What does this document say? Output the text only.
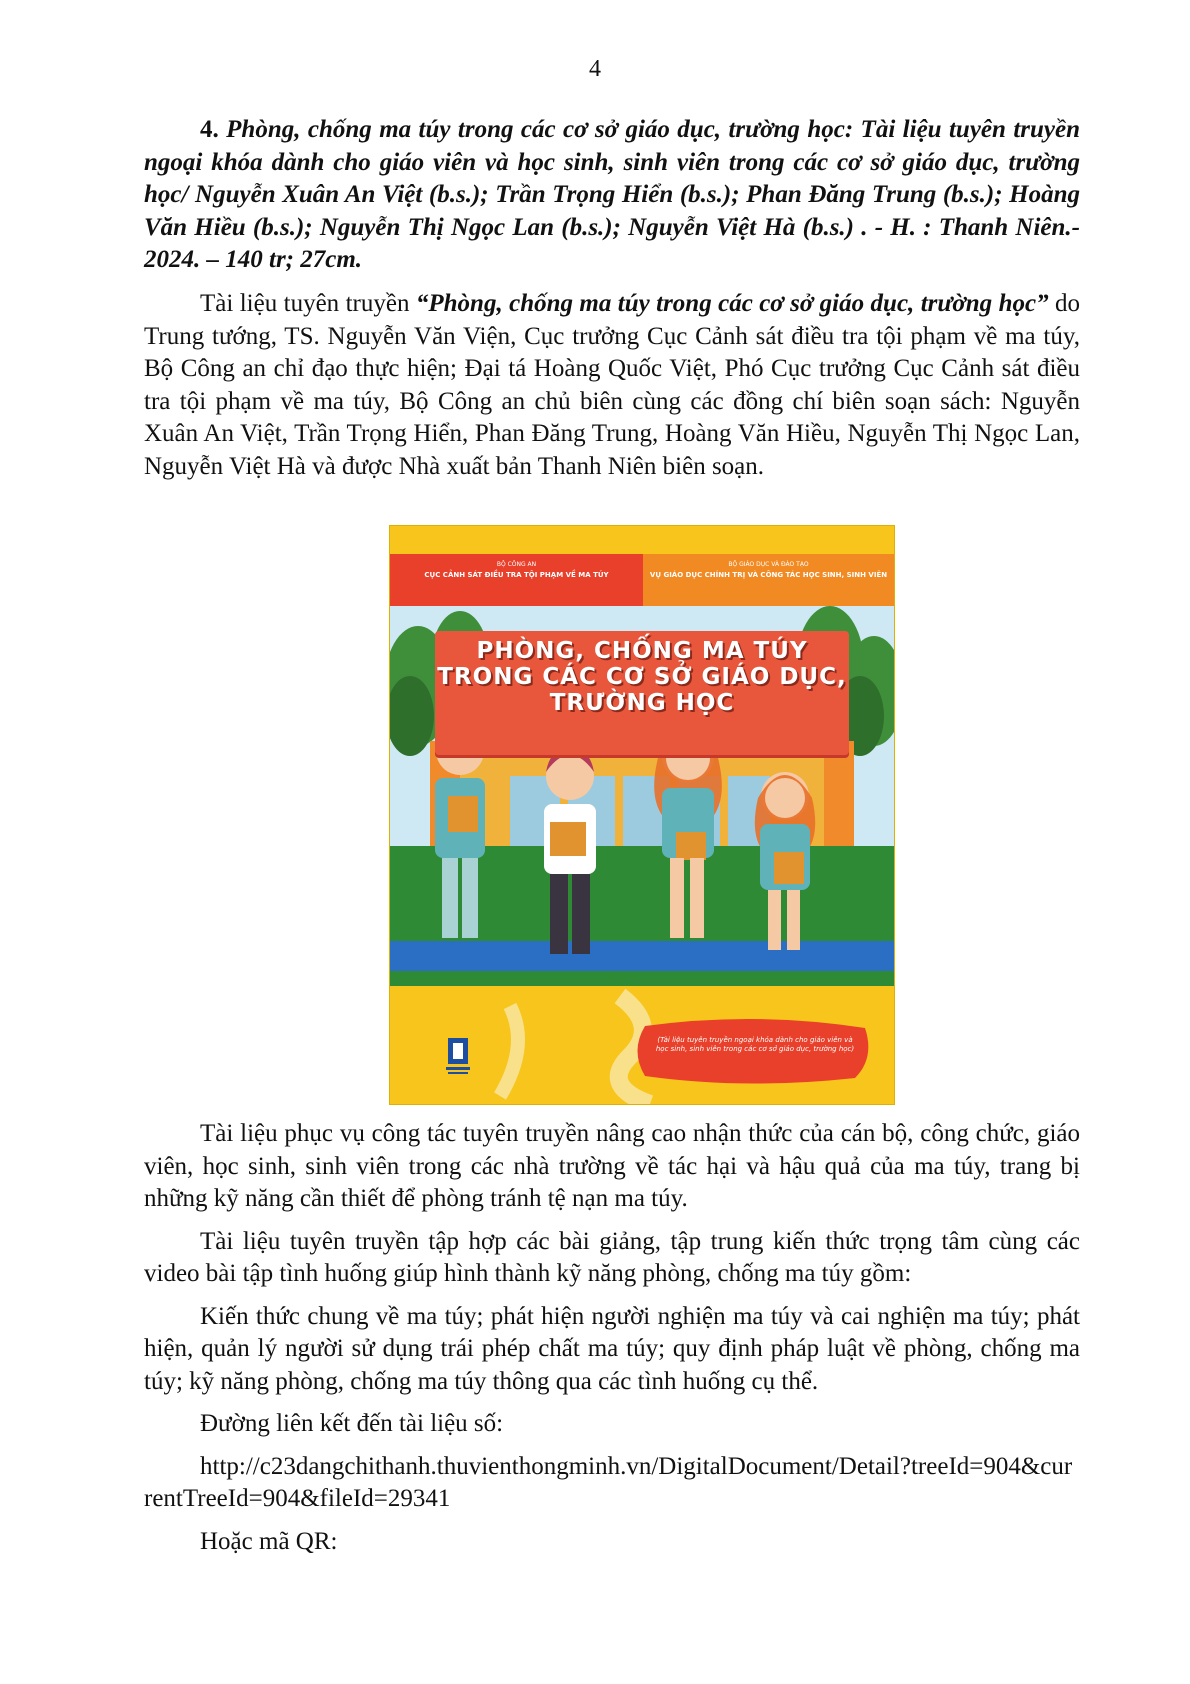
4

4. Phòng, chống ma túy trong các cơ sở giáo dục, trường học: Tài liệu tuyên truyền ngoại khóa dành cho giáo viên và học sinh, sinh viên trong các cơ sở giáo dục, trường học/ Nguyễn Xuân An Việt (b.s.); Trần Trọng Hiển (b.s.); Phan Đăng Trung (b.s.); Hoàng Văn Hiều (b.s.); Nguyễn Thị Ngọc Lan (b.s.); Nguyễn Việt Hà (b.s.) . - H. : Thanh Niên.- 2024. – 140 tr; 27cm.

Tài liệu tuyên truyền “Phòng, chống ma túy trong các cơ sở giáo dục, trường học” do Trung tướng, TS. Nguyễn Văn Viện, Cục trưởng Cục Cảnh sát điều tra tội phạm về ma túy, Bộ Công an chỉ đạo thực hiện; Đại tá Hoàng Quốc Việt, Phó Cục trưởng Cục Cảnh sát điều tra tội phạm về ma túy, Bộ Công an chủ biên cùng các đồng chí biên soạn sách: Nguyễn Xuân An Việt, Trần Trọng Hiển, Phan Đăng Trung, Hoàng Văn Hiều, Nguyễn Thị Ngọc Lan, Nguyễn Việt Hà và được Nhà xuất bản Thanh Niên biên soạn.

BỘ CÔNG AN
CỤC CẢNH SÁT ĐIỀU TRA TỘI PHẠM VỀ MA TÚY
BỘ GIÁO DỤC VÀ ĐÀO TẠO
VỤ GIÁO DỤC CHÍNH TRỊ VÀ CÔNG TÁC HỌC SINH, SINH VIÊN
PHÒNG, CHỐNG MA TÚY TRONG CÁC CƠ SỞ GIÁO DỤC, TRƯỜNG HỌC
(Tài liệu tuyên truyền ngoại khóa dành cho giáo viên và học sinh, sinh viên trong các cơ sở giáo dục, trường học)

Tài liệu phục vụ công tác tuyên truyền nâng cao nhận thức của cán bộ, công chức, giáo viên, học sinh, sinh viên trong các nhà trường về tác hại và hậu quả của ma túy, trang bị những kỹ năng cần thiết để phòng tránh tệ nạn ma túy.

Tài liệu tuyên truyền tập hợp các bài giảng, tập trung kiến thức trọng tâm cùng các video bài tập tình huống giúp hình thành kỹ năng phòng, chống ma túy gồm:

Kiến thức chung về ma túy; phát hiện người nghiện ma túy và cai nghiện ma túy; phát hiện, quản lý người sử dụng trái phép chất ma túy; quy định pháp luật về phòng, chống ma túy; kỹ năng phòng, chống ma túy thông qua các tình huống cụ thể.

Đường liên kết đến tài liệu số:

http://c23dangchithanh.thuvienthongminh.vn/DigitalDocument/Detail?treeId=904&currentTreeId=904&fileId=29341

Hoặc mã QR:
